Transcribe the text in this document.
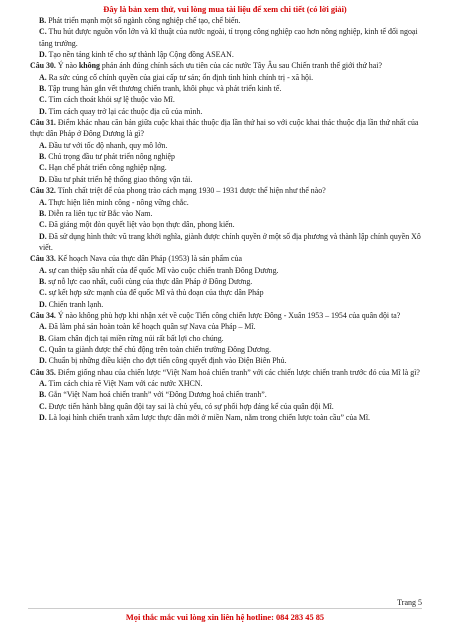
Đây là bản xem thử, vui lòng mua tài liệu để xem chi tiết (có lời giải)

B. Phát triển mạnh một số ngành công nghiệp chế tạo, chế biến.

C. Thu hút được nguồn vốn lớn và kĩ thuật của nước ngoài, tỉ trọng công nghiệp cao hơn nông nghiệp, kinh tế đối ngoại tăng trưởng.

D. Tạo nền tảng kinh tế cho sự thành lập Cộng đồng ASEAN.

Câu 30. Ý nào không phản ánh đúng chính sách ưu tiên của các nước Tây Âu sau Chiến tranh thế giới thứ hai?

A. Ra sức củng cố chính quyền của giai cấp tư sản; ổn định tình hình chính trị - xã hội.

B. Tập trung hàn gắn vết thương chiến tranh, khôi phục và phát triển kinh tế.

C. Tìm cách thoát khỏi sự lệ thuộc vào Mĩ.

D. Tìm cách quay trở lại các thuộc địa cũ của mình.

Câu 31. Điểm khác nhau căn bản giữa cuộc khai thác thuộc địa lần thứ hai so với cuộc khai thác thuộc địa lần thứ nhất của thực dân Pháp ở Đông Dương là gì?

A. Đầu tư với tốc độ nhanh, quy mô lớn.

B. Chú trọng đầu tư phát triển nông nghiệp

C. Hạn chế phát triển công nghiệp nặng.

D. Đầu tư phát triển hệ thống giao thông vận tải.

Câu 32. Tính chất triệt để của phong trào cách mạng 1930 – 1931 được thể hiện như thế nào?

A. Thực hiện liên minh công - nông vững chắc.

B. Diễn ra liên tục từ Bắc vào Nam.

C. Đã giáng một đòn quyết liệt vào bọn thực dân, phong kiến.

D. Đã sử dụng hình thức vũ trang khởi nghĩa, giành được chính quyền ở một số địa phương và thành lập chính quyền Xô viết.

Câu 33. Kế hoạch Nava của thực dân Pháp (1953) là sản phẩm của

A. sự can thiệp sâu nhất của đế quốc Mĩ vào cuộc chiến tranh Đông Dương.

B. sự nỗ lực cao nhất, cuối cùng của thực dân Pháp ở Đông Dương.

C. sự kết hợp sức mạnh của đế quốc Mĩ và thủ đoạn của thực dân Pháp

D. Chiến tranh lạnh.

Câu 34. Ý nào không phù hợp khi nhận xét về cuộc Tiến công chiến lược Đông - Xuân 1953 – 1954 của quân đội ta?

A. Đã làm phá sản hoàn toàn kế hoạch quân sự Nava của Pháp – Mĩ.

B. Giam chân địch tại miền rừng núi rất bất lợi cho chúng.

C. Quân ta giành được thế chủ động trên toàn chiến trường Đông Dương.

D. Chuẩn bị những điều kiện cho đợt tiến công quyết định vào Điện Biên Phủ.

Câu 35. Điểm giống nhau của chiến lược “Việt Nam hoá chiến tranh” với các chiến lược chiến tranh trước đó của Mĩ là gì?

A. Tìm cách chia rẽ Việt Nam với các nước XHCN.

B. Gắn “Việt Nam hoá chiến tranh” với “Đông Dương hoá chiến tranh”.

C. Được tiến hành bằng quân đội tay sai là chủ yếu, có sự phối hợp đáng kể của quân đội Mĩ.

D. Là loại hình chiến tranh xâm lược thực dân mới ở miền Nam, nằm trong chiến lược toàn cầu” của Mĩ.

Trang 5
Mọi thắc mắc vui lòng xin liên hệ hotline: 084 283 45 85
